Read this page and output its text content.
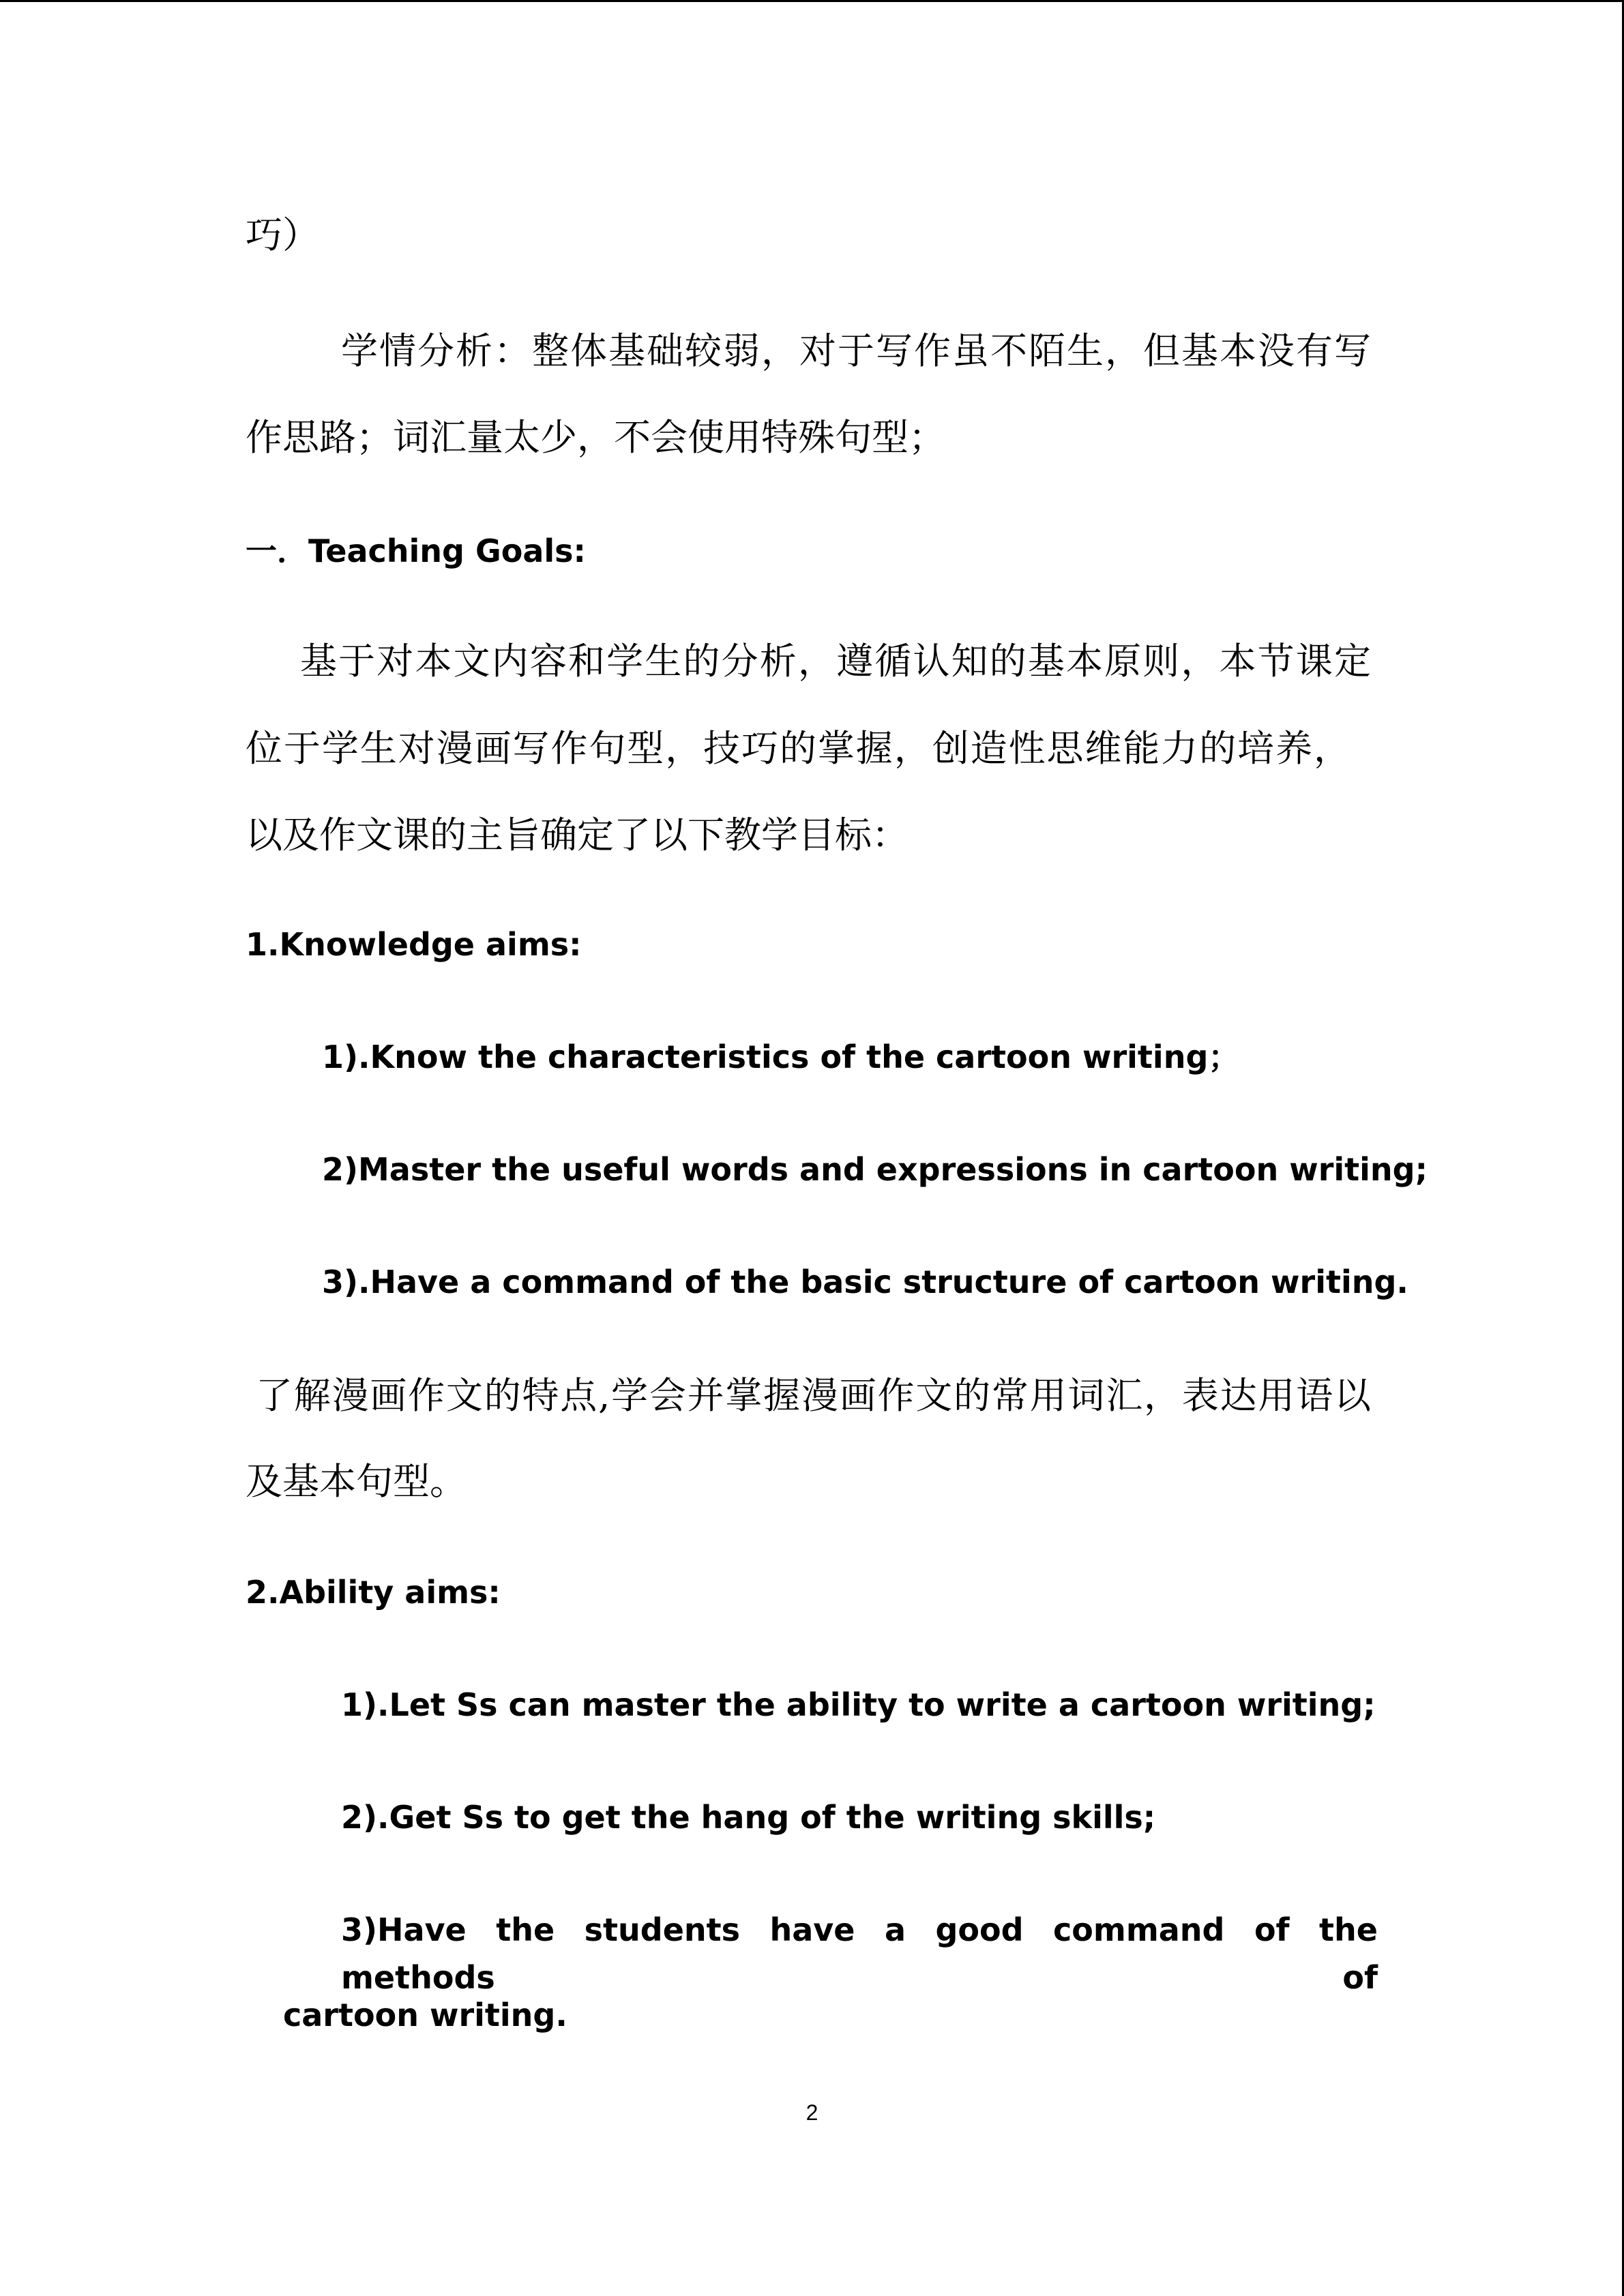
巧）

学情分析：整体基础较弱，对于写作虽不陌生，但基本没有写

作思路；词汇量太少，不会使用特殊句型；

一．Teaching Goals:

基于对本文内容和学生的分析，遵循认知的基本原则，本节课定

位于学生对漫画写作句型，技巧的掌握，创造性思维能力的培养，

以及作文课的主旨确定了以下教学目标：

1.Knowledge aims:

1).Know the characteristics of the cartoon writing；

2)Master the useful words and expressions in cartoon writing;

3).Have a command of the basic structure of cartoon writing.

了解漫画作文的特点,学会并掌握漫画作文的常用词汇，表达用语以

及基本句型。

2.Ability aims:

1).Let Ss can master the ability to write a cartoon writing;

2).Get Ss to get the hang of the writing skills;

3)Have the students have a good command of the methods of

cartoon writing.

2
